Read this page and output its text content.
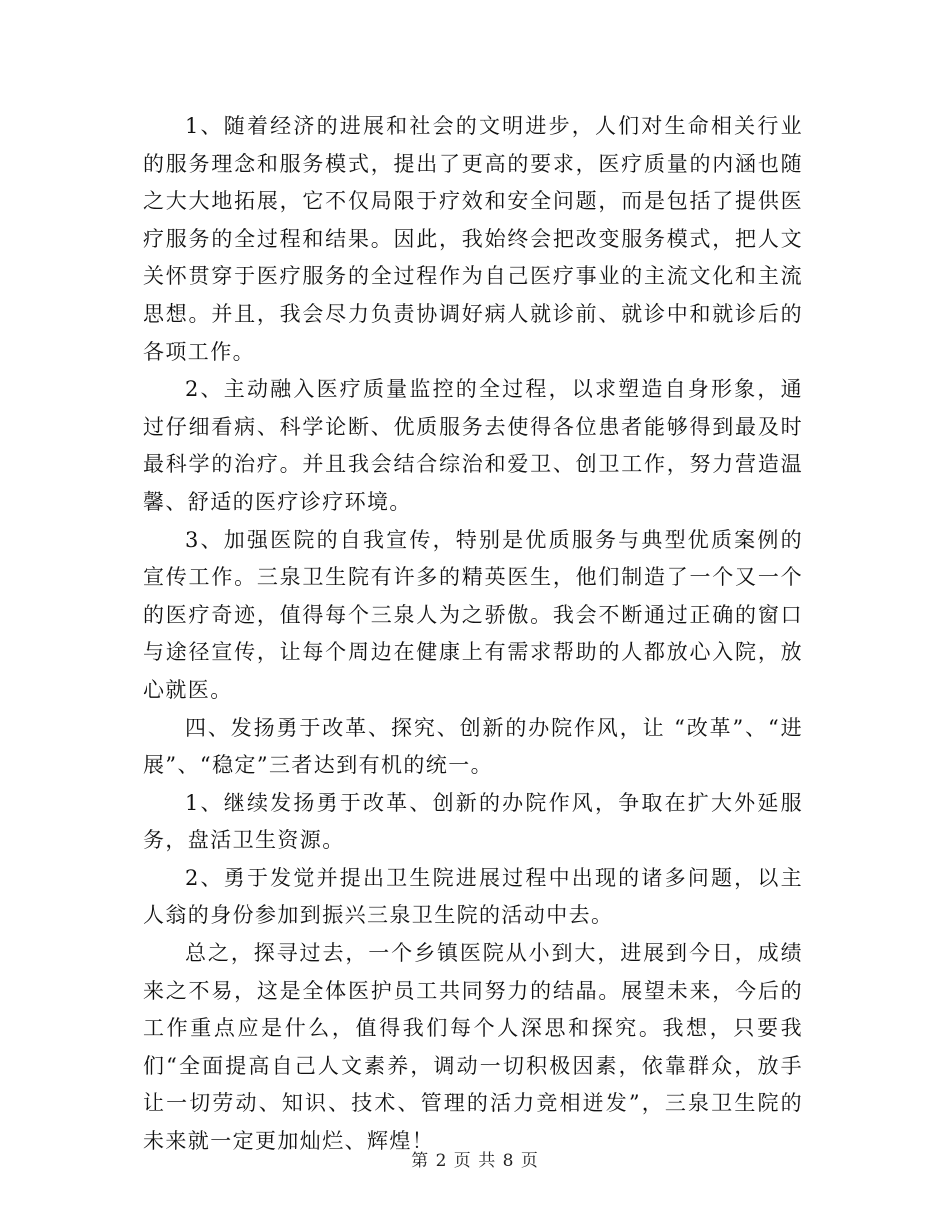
1、随着经济的进展和社会的文明进步，人们对生命相关行业的服务理念和服务模式，提出了更高的要求，医疗质量的内涵也随之大大地拓展，它不仅局限于疗效和安全问题，而是包括了提供医疗服务的全过程和结果。因此，我始终会把改变服务模式，把人文关怀贯穿于医疗服务的全过程作为自己医疗事业的主流文化和主流思想。并且，我会尽力负责协调好病人就诊前、就诊中和就诊后的各项工作。

2、主动融入医疗质量监控的全过程，以求塑造自身形象，通过仔细看病、科学论断、优质服务去使得各位患者能够得到最及时最科学的治疗。并且我会结合综治和爱卫、创卫工作，努力营造温馨、舒适的医疗诊疗环境。

3、加强医院的自我宣传，特别是优质服务与典型优质案例的宣传工作。三泉卫生院有许多的精英医生，他们制造了一个又一个的医疗奇迹，值得每个三泉人为之骄傲。我会不断通过正确的窗口与途径宣传，让每个周边在健康上有需求帮助的人都放心入院，放心就医。

四、发扬勇于改革、探究、创新的办院作风，让 “改革”、“进展”、“稳定”三者达到有机的统一。

1、继续发扬勇于改革、创新的办院作风，争取在扩大外延服务，盘活卫生资源。

2、勇于发觉并提出卫生院进展过程中出现的诸多问题，以主人翁的身份参加到振兴三泉卫生院的活动中去。

总之，探寻过去，一个乡镇医院从小到大，进展到今日，成绩来之不易，这是全体医护员工共同努力的结晶。展望未来，今后的工作重点应是什么，值得我们每个人深思和探究。我想，只要我们“全面提高自己人文素养，调动一切积极因素，依靠群众，放手让一切劳动、知识、技术、管理的活力竞相迸发”，三泉卫生院的未来就一定更加灿烂、辉煌！

第 2 页 共 8 页
